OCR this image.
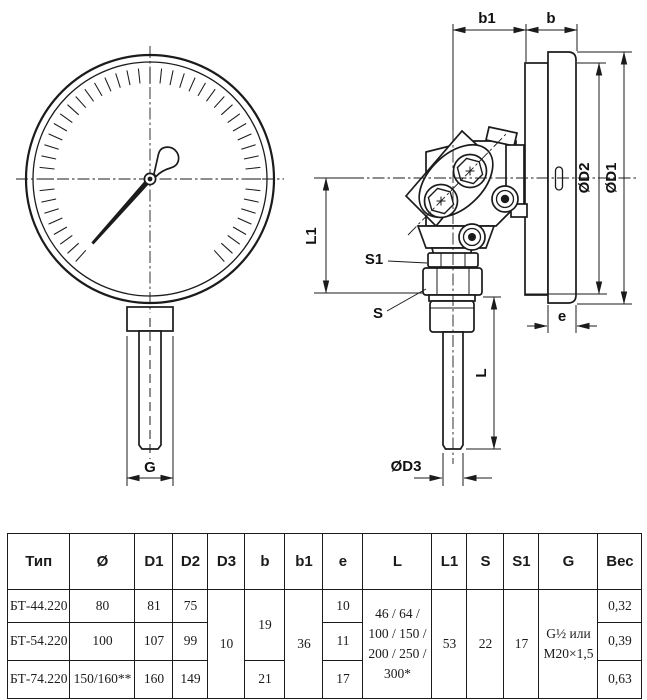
G
b1	b
ØD2 ØD1
e
L1
S1
S
L
ØD3
Тип	Ø	D1	D2	D3	b	b1	e	L	L1	S	S1	G	Вес
БТ-44.220	80	81	75	10	19	36	10	46 / 64 / 100 / 150 / 200 / 250 / 300*	53	22	17	G½ или М20×1,5	0,32
БТ-54.220	100	107	99				11						0,39
БТ-74.220	150/160**	160	149		21		17						0,63
